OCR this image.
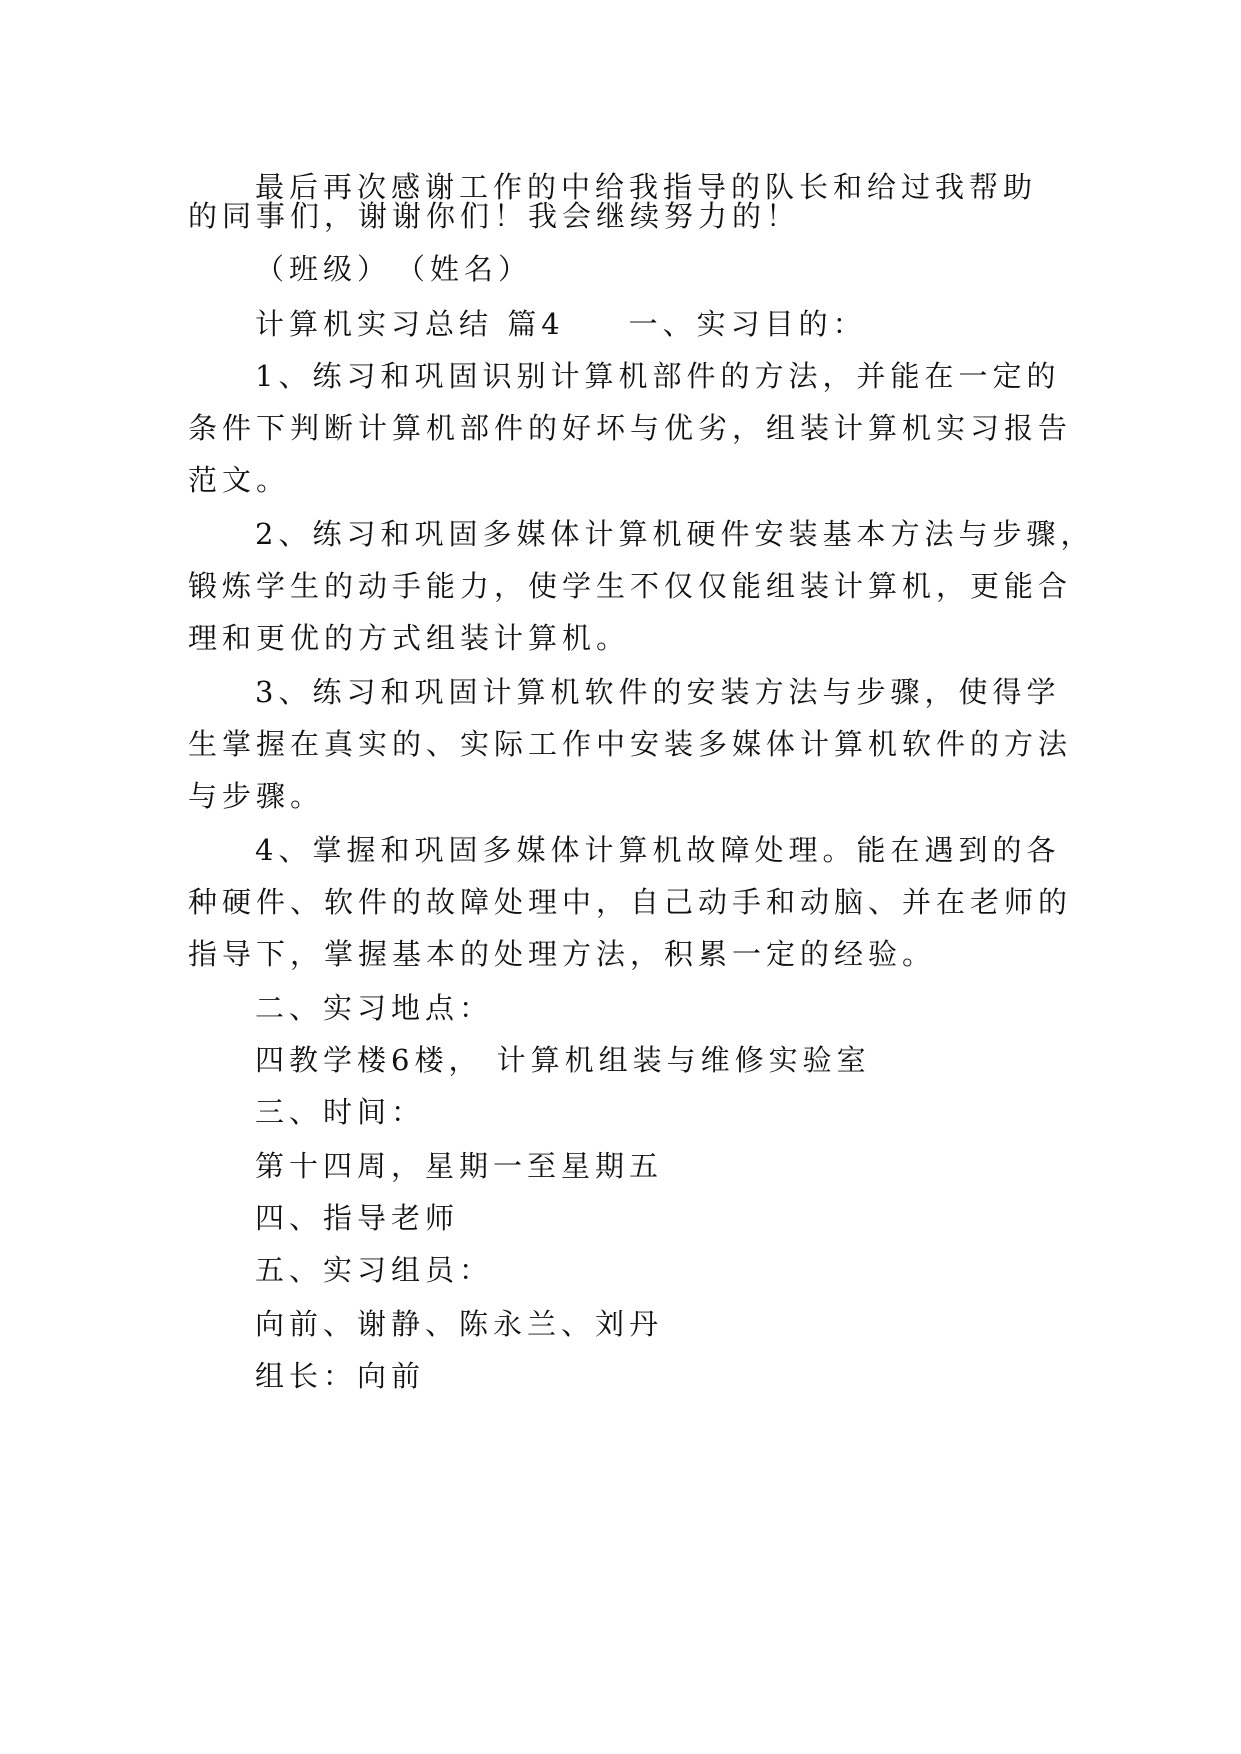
最后再次感谢工作的中给我指导的队长和给过我帮助
的同事们，谢谢你们！我会继续努力的！
（班级）　（姓名）
计算机实习总结 篇4 一、实习目的：
1、练习和巩固识别计算机部件的方法，并能在一定的
条件下判断计算机部件的好坏与优劣，组装计算机实习报告
范文。
2、练习和巩固多媒体计算机硬件安装基本方法与步骤，
锻炼学生的动手能力，使学生不仅仅能组装计算机，更能合
理和更优的方式组装计算机。
3、练习和巩固计算机软件的安装方法与步骤，使得学
生掌握在真实的、实际工作中安装多媒体计算机软件的方法
与步骤。
4、掌握和巩固多媒体计算机故障处理。能在遇到的各
种硬件、软件的故障处理中，自己动手和动脑、并在老师的
指导下，掌握基本的处理方法，积累一定的经验。
二、实习地点：
四教学楼6楼， 计算机组装与维修实验室
三、时间：
第十四周，星期一至星期五
四、指导老师
五、实习组员：
向前、谢静、陈永兰、刘丹
组长：向前
